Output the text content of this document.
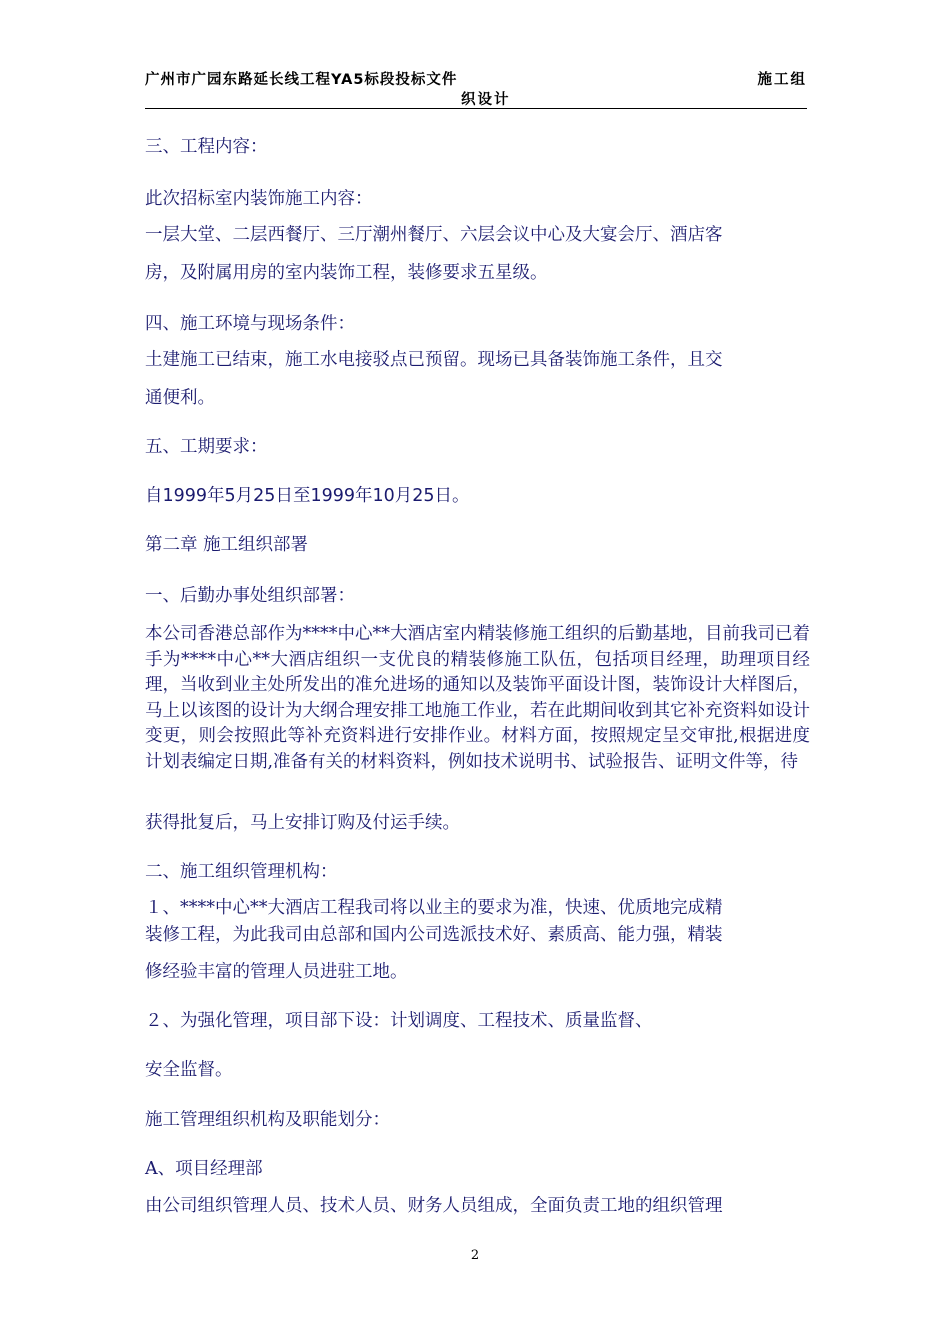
广州市广园东路延长线工程YA5标段投标文件	施工组
织设计
三、工程内容：
此次招标室内装饰施工内容：
一层大堂、二层西餐厅、三厅潮州餐厅、六层会议中心及大宴会厅、酒店客
房，及附属用房的室内装饰工程，装修要求五星级。
四、施工环境与现场条件：
土建施工已结束，施工水电接驳点已预留。现场已具备装饰施工条件，且交
通便利。
五、工期要求：
自1999年5月25日至1999年10月25日。
第二章 施工组织部署
一、后勤办事处组织部署：
本公司香港总部作为****中心**大酒店室内精装修施工组织的后勤基地，目前我司已着手为****中心**大酒店组织一支优良的精装修施工队伍，包括项目经理，助理项目经理，当收到业主处所发出的准允进场的通知以及装饰平面设计图，装饰设计大样图后，马上以该图的设计为大纲合理安排工地施工作业，若在此期间收到其它补充资料如设计变更，则会按照此等补充资料进行安排作业。材料方面，按照规定呈交审批,根据进度计划表编定日期,准备有关的材料资料，例如技术说明书、试验报告、证明文件等，待
获得批复后，马上安排订购及付运手续。
二、施工组织管理机构：
１、****中心**大酒店工程我司将以业主的要求为准，快速、优质地完成精
装修工程，为此我司由总部和国内公司选派技术好、素质高、能力强，精装
修经验丰富的管理人员进驻工地。
２、为强化管理，项目部下设：计划调度、工程技术、质量监督、
安全监督。
施工管理组织机构及职能划分：
A、项目经理部
由公司组织管理人员、技术人员、财务人员组成，全面负责工地的组织管理
2
